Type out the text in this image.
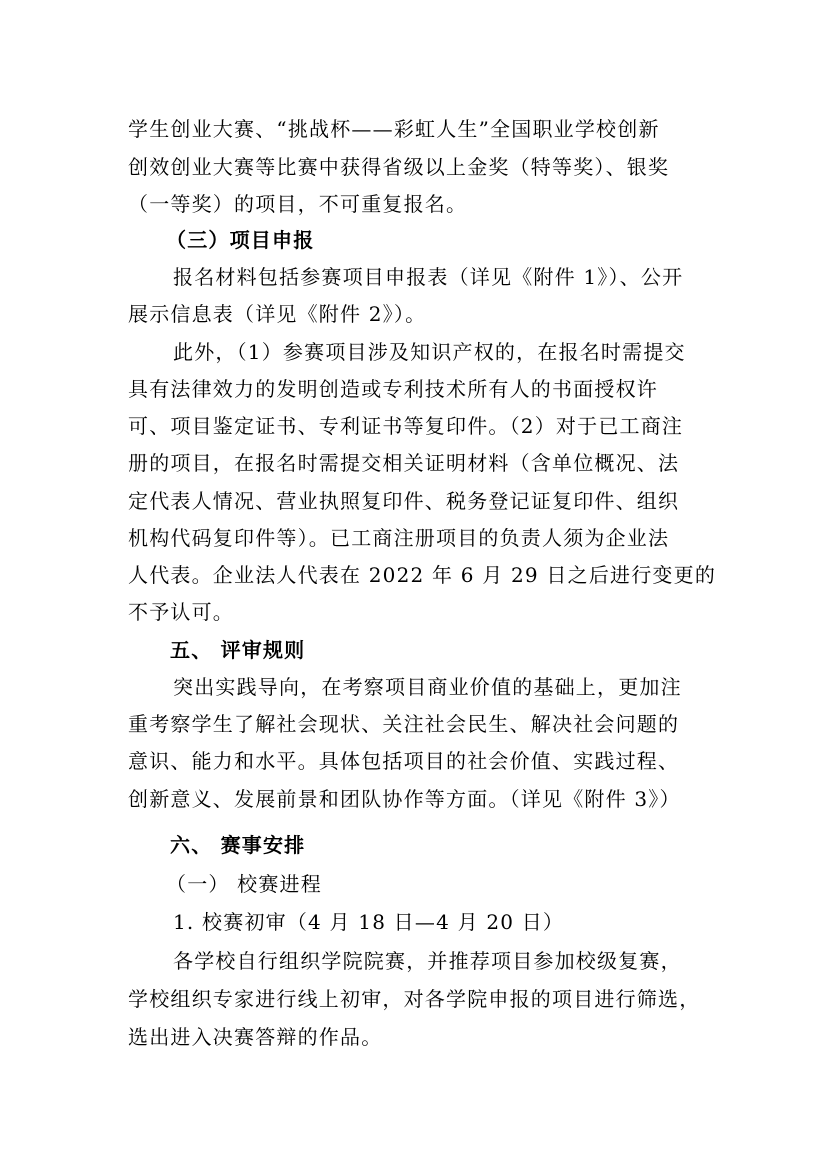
学生创业大赛、“挑战杯——彩虹人生”全国职业学校创新
创效创业大赛等比赛中获得省级以上金奖（特等奖）、银奖
（一等奖）的项目，不可重复报名。
（三）项目申报
报名材料包括参赛项目申报表（详见《附件 1》）、公开
展示信息表（详见《附件 2》）。
此外，（1）参赛项目涉及知识产权的，在报名时需提交
具有法律效力的发明创造或专利技术所有人的书面授权许
可、项目鉴定证书、专利证书等复印件。（2）对于已工商注
册的项目，在报名时需提交相关证明材料（含单位概况、法
定代表人情况、营业执照复印件、税务登记证复印件、组织
机构代码复印件等）。已工商注册项目的负责人须为企业法
人代表。企业法人代表在 2022 年 6 月 29 日之后进行变更的
不予认可。
五、 评审规则
突出实践导向，在考察项目商业价值的基础上，更加注
重考察学生了解社会现状、关注社会民生、解决社会问题的
意识、能力和水平。具体包括项目的社会价值、实践过程、
创新意义、发展前景和团队协作等方面。（详见《附件 3》）
六、 赛事安排
（一） 校赛进程
1. 校赛初审（4 月 18 日—4 月 20 日）
各学校自行组织学院院赛，并推荐项目参加校级复赛，
学校组织专家进行线上初审，对各学院申报的项目进行筛选，
选出进入决赛答辩的作品。
